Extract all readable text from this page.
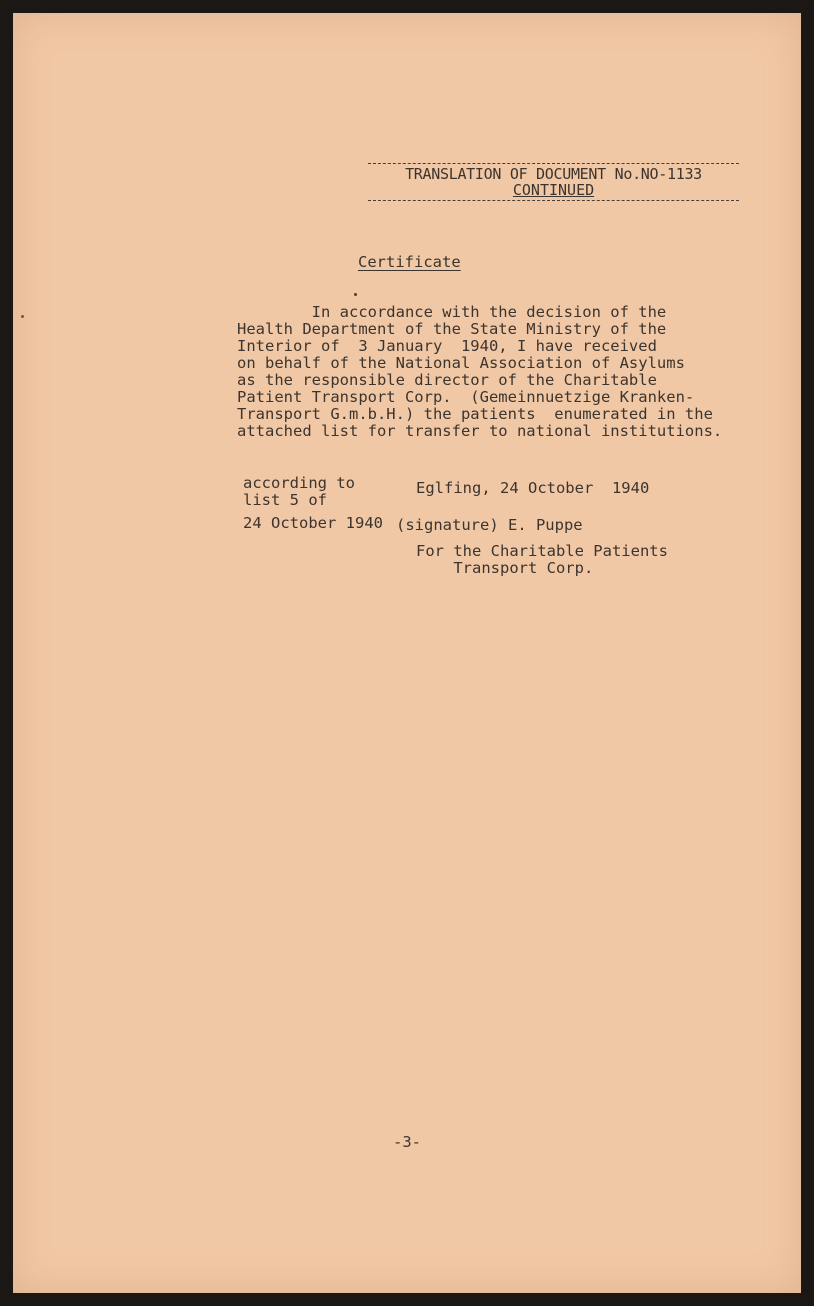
TRANSLATION OF DOCUMENT No.NO-1133
CONTINUED
Certificate
In accordance with the decision of the
Health Department of the State Ministry of the
Interior of  3 January  1940, I have received
on behalf of the National Association of Asylums
as the responsible director of the Charitable
Patient Transport Corp.  (Gemeinnuetzige Kranken-
Transport G.m.b.H.) the patients  enumerated in the
attached list for transfer to national institutions.
according to
list 5 of
24 October 1940
Eglfing, 24 October  1940
(signature) E. Puppe
For the Charitable Patients
Transport Corp.
-3-
